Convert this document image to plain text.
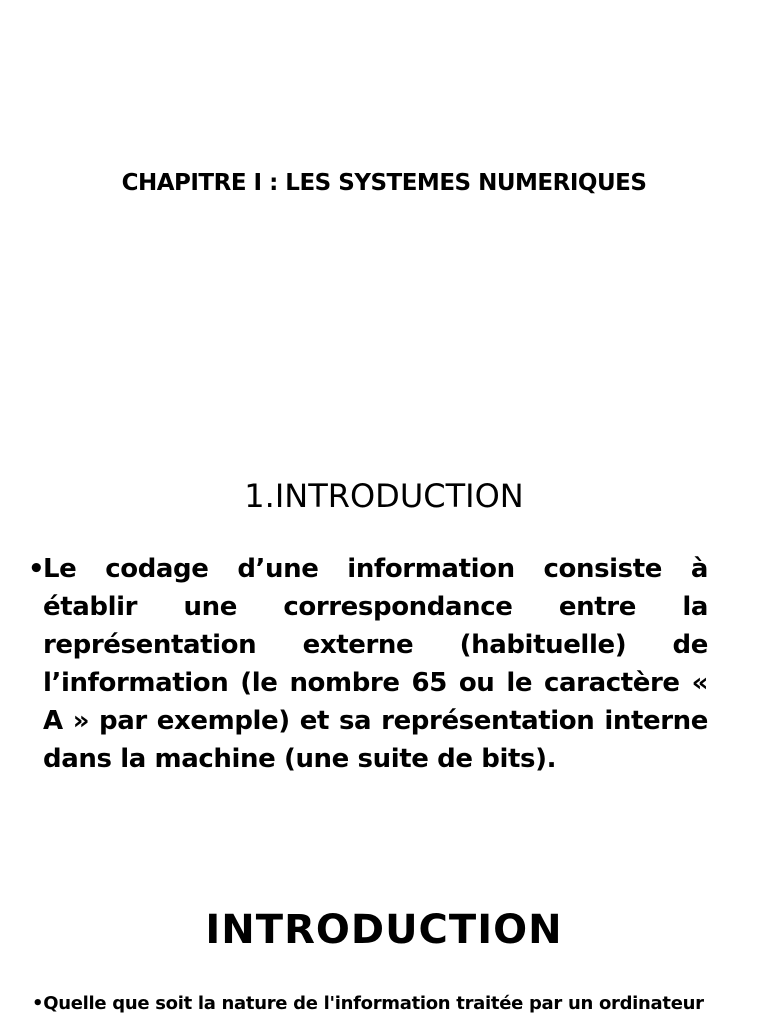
CHAPITRE I : LES SYSTEMES NUMERIQUES
1.INTRODUCTION
•
Le codage d’une information consiste à établir une correspondance entre la représentation externe (habituelle) de l’information (le nombre 65 ou le caractère « A » par exemple) et sa représentation interne dans la machine (une suite de bits).
INTRODUCTION
•Quelle que soit la nature de l'information traitée par un ordinateur
